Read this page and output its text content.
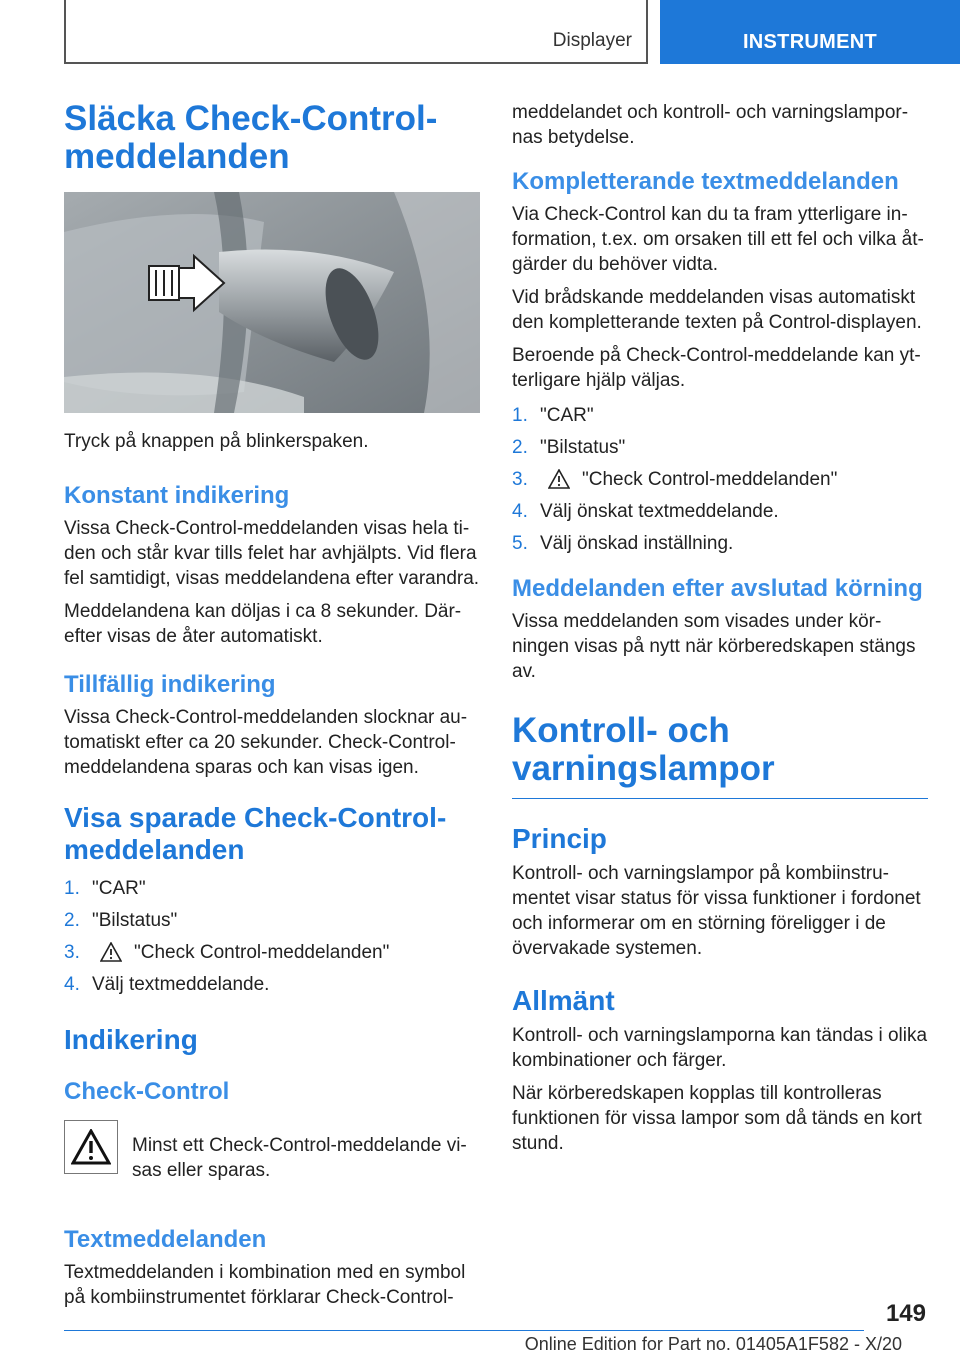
Displayer	INSTRUMENT
Släcka Check-Control-meddelanden

Tryck på knappen på blinkerspaken.

Konstant indikering

Vissa Check-Control-meddelanden visas hela ti-den och står kvar tills felet har avhjälpts. Vid flera fel samtidigt, visas meddelandena efter varandra.

Meddelandena kan döljas i ca 8 sekunder. Där-efter visas de åter automatiskt.

Tillfällig indikering

Vissa Check-Control-meddelanden slocknar au-tomatiskt efter ca 20 sekunder. Check-Control-meddelandena sparas och kan visas igen.

Visa sparade Check-Control-meddelanden
1. "CAR"
2. "Bilstatus"
3.	"Check Control-meddelanden"
4. Välj textmeddelande.
Indikering
Check-Control

Minst ett Check-Control-meddelande vi-sas eller sparas.

Textmeddelanden

Textmeddelanden i kombination med en symbol på kombiinstrumentet förklarar Check-Control-

meddelandet och kontroll- och varningslampor-nas betydelse.

Kompletterande textmeddelanden

Via Check-Control kan du ta fram ytterligare in-formation, t.ex. om orsaken till ett fel och vilka åt-gärder du behöver vidta.

Vid brådskande meddelanden visas automatiskt den kompletterande texten på Control-displayen.

Beroende på Check-Control-meddelande kan yt-terligare hjälp väljas.

1. "CAR"
2. "Bilstatus"
3.	"Check Control-meddelanden"
4. Välj önskat textmeddelande.
5. Välj önskad inställning.
Meddelanden efter avslutad körning

Vissa meddelanden som visades under kör-ningen visas på nytt när körberedskapen stängs av.

Kontroll- och varningslampor
Princip

Kontroll- och varningslampor på kombiinstru-mentet visar status för vissa funktioner i fordonet och informerar om en störning föreligger i de övervakade systemen.

Allmänt

Kontroll- och varningslamporna kan tändas i olika kombinationer och färger.

När körberedskapen kopplas till kontrolleras funktionen för vissa lampor som då tänds en kort stund.

149
Online Edition for Part no. 01405A1F582 - X/20
